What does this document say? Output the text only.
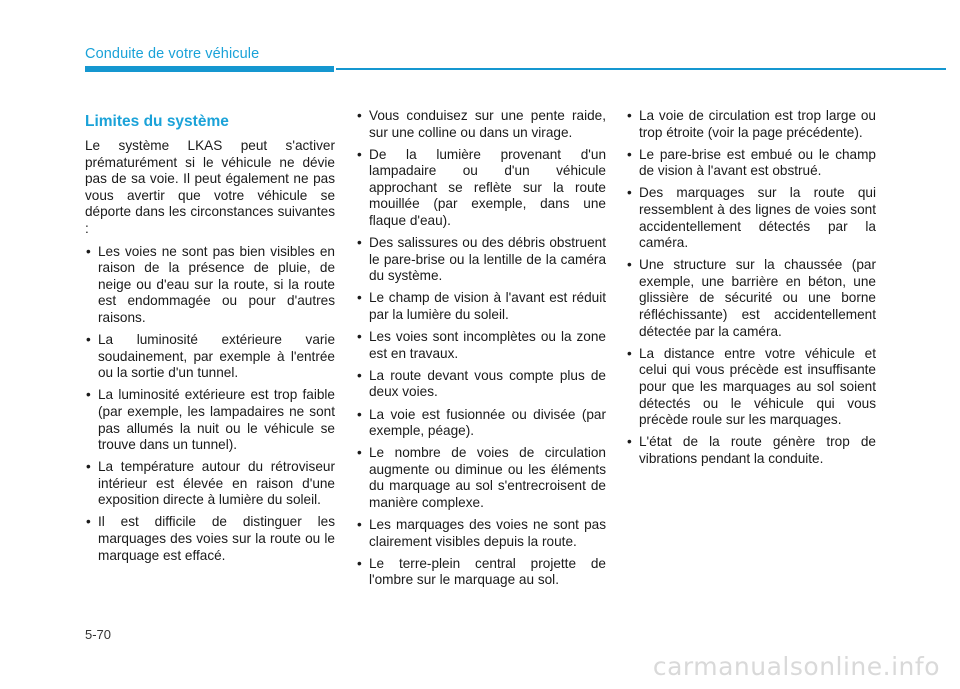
Conduite de votre véhicule
Limites du système

Le système LKAS peut s'activer prématurément si le véhicule ne dévie pas de sa voie. Il peut également ne pas vous avertir que votre véhicule se déporte dans les circonstances suivantes :

• Les voies ne sont pas bien visibles en raison de la présence de pluie, de neige ou d'eau sur la route, si la route est endommagée ou pour d'autres raisons.
• La luminosité extérieure varie soudainement, par exemple à l'entrée ou la sortie d'un tunnel.
• La luminosité extérieure est trop faible (par exemple, les lampadaires ne sont pas allumés la nuit ou le véhicule se trouve dans un tunnel).
• La température autour du rétroviseur intérieur est élevée en raison d'une exposition directe à lumière du soleil.
• Il est difficile de distinguer les marquages des voies sur la route ou le marquage est effacé.
• Vous conduisez sur une pente raide, sur une colline ou dans un virage.
• De la lumière provenant d'un lampadaire ou d'un véhicule approchant se reflète sur la route mouillée (par exemple, dans une flaque d'eau).
• Des salissures ou des débris obstruent le pare-brise ou la lentille de la caméra du système.
• Le champ de vision à l'avant est réduit par la lumière du soleil.
• Les voies sont incomplètes ou la zone est en travaux.
• La route devant vous compte plus de deux voies.
• La voie est fusionnée ou divisée (par exemple, péage).
• Le nombre de voies de circulation augmente ou diminue ou les éléments du marquage au sol s'entrecroisent de manière complexe.
• Les marquages des voies ne sont pas clairement visibles depuis la route.
• Le terre-plein central projette de l'ombre sur le marquage au sol.
• La voie de circulation est trop large ou trop étroite (voir la page précédente).
• Le pare-brise est embué ou le champ de vision à l'avant est obstrué.
• Des marquages sur la route qui ressemblent à des lignes de voies sont accidentellement détectés par la caméra.
• Une structure sur la chaussée (par exemple, une barrière en béton, une glissière de sécurité ou une borne réfléchissante) est accidentellement détectée par la caméra.
• La distance entre votre véhicule et celui qui vous précède est insuffisante pour que les marquages au sol soient détectés ou le véhicule qui vous précède roule sur les marquages.
• L'état de la route génère trop de vibrations pendant la conduite.
5-70
carmanualsonline.info
